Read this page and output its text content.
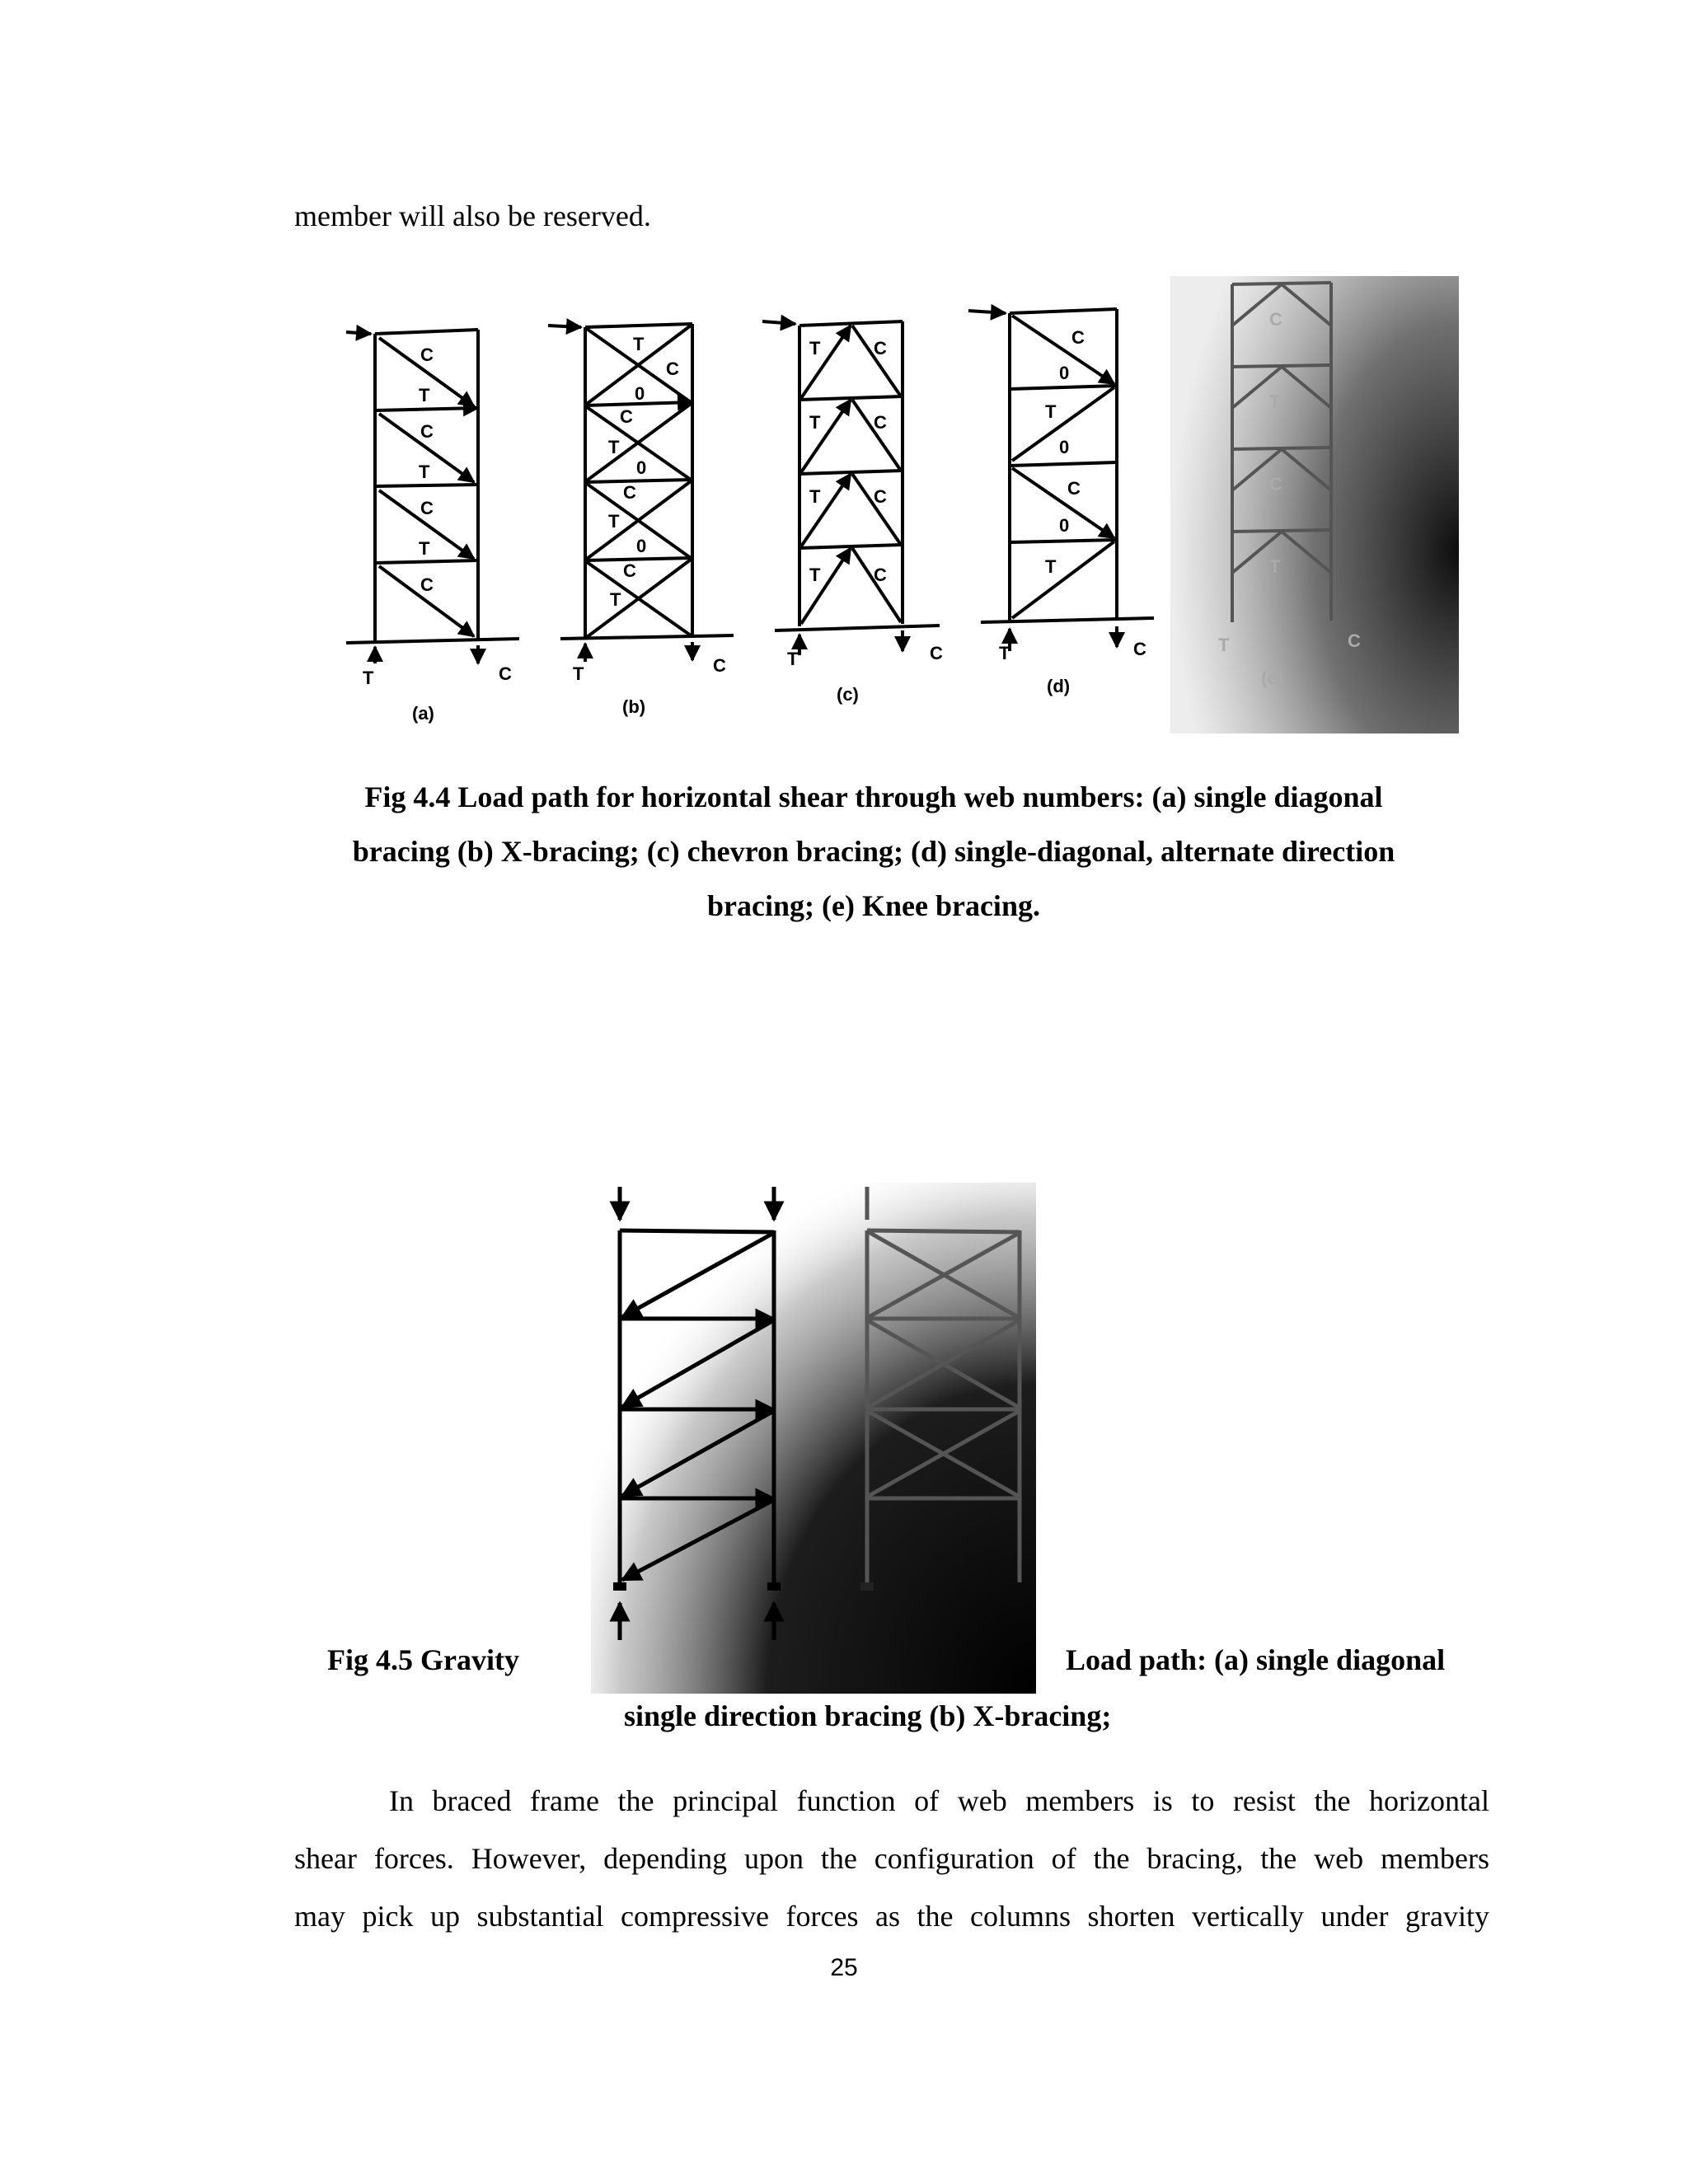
member will also be reserved.
C
T
C
T
C
T
C
T	C
(a)
T
C
0
C
T
0
C
T
0
C
T
T	C
(b)
T	C
T	C
T	C
T	C
T	C
(c)
C
0
T
0
C
0
T
T	C
(d)
C
T
C
T
T	C
(e)
Fig 4.4 Load path for horizontal shear through web numbers: (a) single diagonal
bracing (b) X-bracing; (c) chevron bracing; (d) single-diagonal, alternate direction
bracing; (e) Knee bracing.
Fig 4.5 Gravity	Load path: (a) single diagonal
single direction bracing (b) X-bracing;
In braced frame the principal function of web members is to resist the horizontal
shear forces. However, depending upon the configuration of the bracing, the web members
may pick up substantial compressive forces as the columns shorten vertically under gravity
25
